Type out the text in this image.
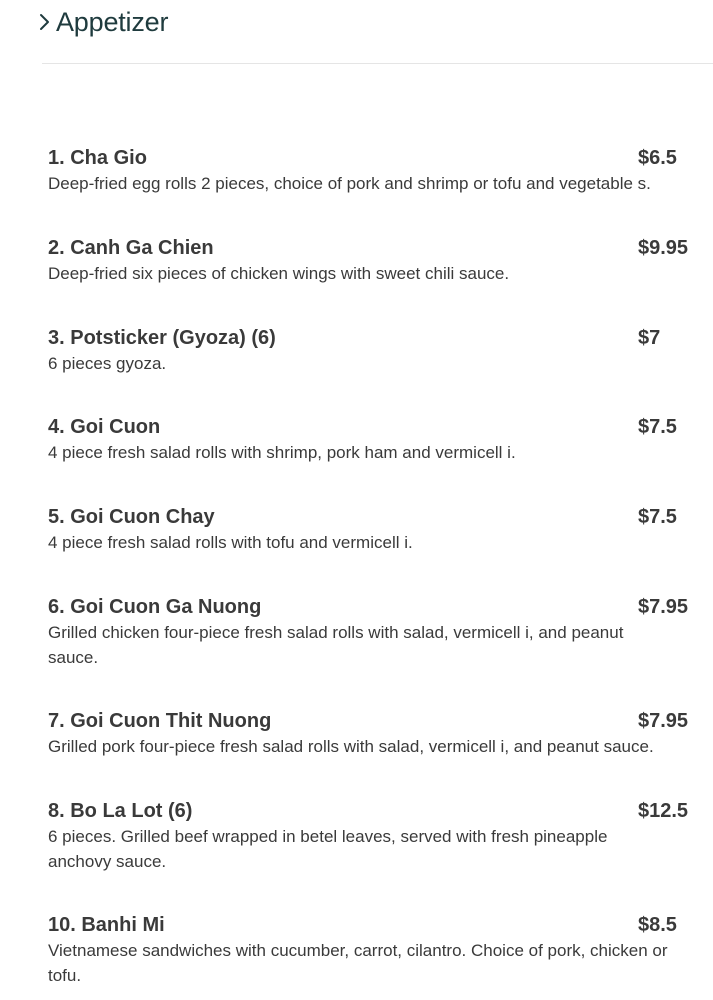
Appetizer
1. Cha Gio	$6.5
Deep-fried egg rolls 2 pieces, choice of pork and shrimp or tofu and vegetable s.
2. Canh Ga Chien	$9.95
Deep-fried six pieces of chicken wings with sweet chili sauce.
3. Potsticker (Gyoza) (6)	$7
6 pieces gyoza.
4. Goi Cuon	$7.5
4 piece fresh salad rolls with shrimp, pork ham and vermicell i.
5. Goi Cuon Chay	$7.5
4 piece fresh salad rolls with tofu and vermicell i.
6. Goi Cuon Ga Nuong	$7.95
Grilled chicken four-piece fresh salad rolls with salad, vermicell i, and peanut sauce.
7. Goi Cuon Thit Nuong	$7.95
Grilled pork four-piece fresh salad rolls with salad, vermicell i, and peanut sauce.
8. Bo La Lot (6)	$12.5
6 pieces. Grilled beef wrapped in betel leaves, served with fresh pineapple anchovy sauce.
10. Banhi Mi	$8.5
Vietnamese sandwiches with cucumber, carrot, cilantro. Choice of pork, chicken or tofu.
